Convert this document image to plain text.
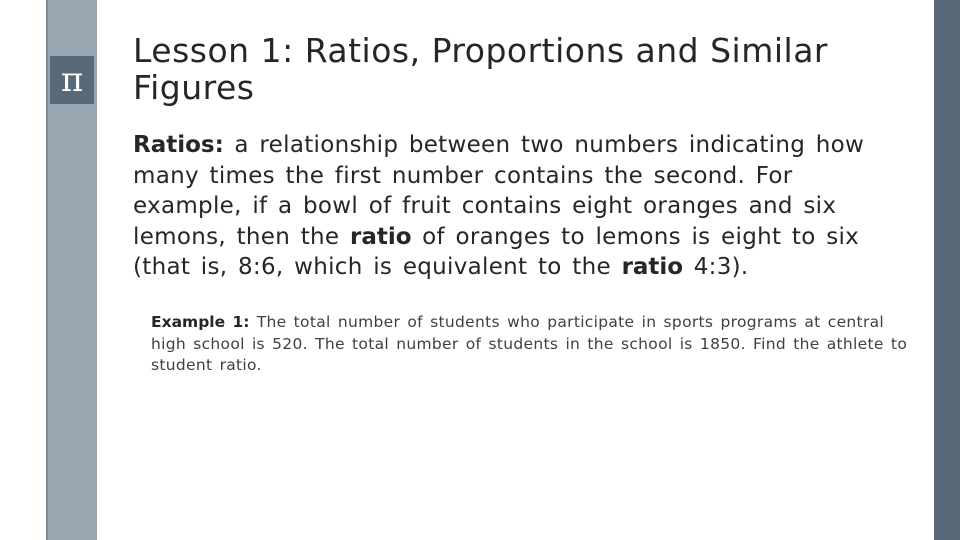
π
Lesson 1: Ratios, Proportions and Similar Figures

Ratios: a relationship between two numbers indicating how many times the first number contains the second. For example, if a bowl of fruit contains eight oranges and six lemons, then the ratio of oranges to lemons is eight to six (that is, 8:6, which is equivalent to the ratio 4:3).

Example 1: The total number of students who participate in sports programs at central high school is 520. The total number of students in the school is 1850. Find the athlete to student ratio.
